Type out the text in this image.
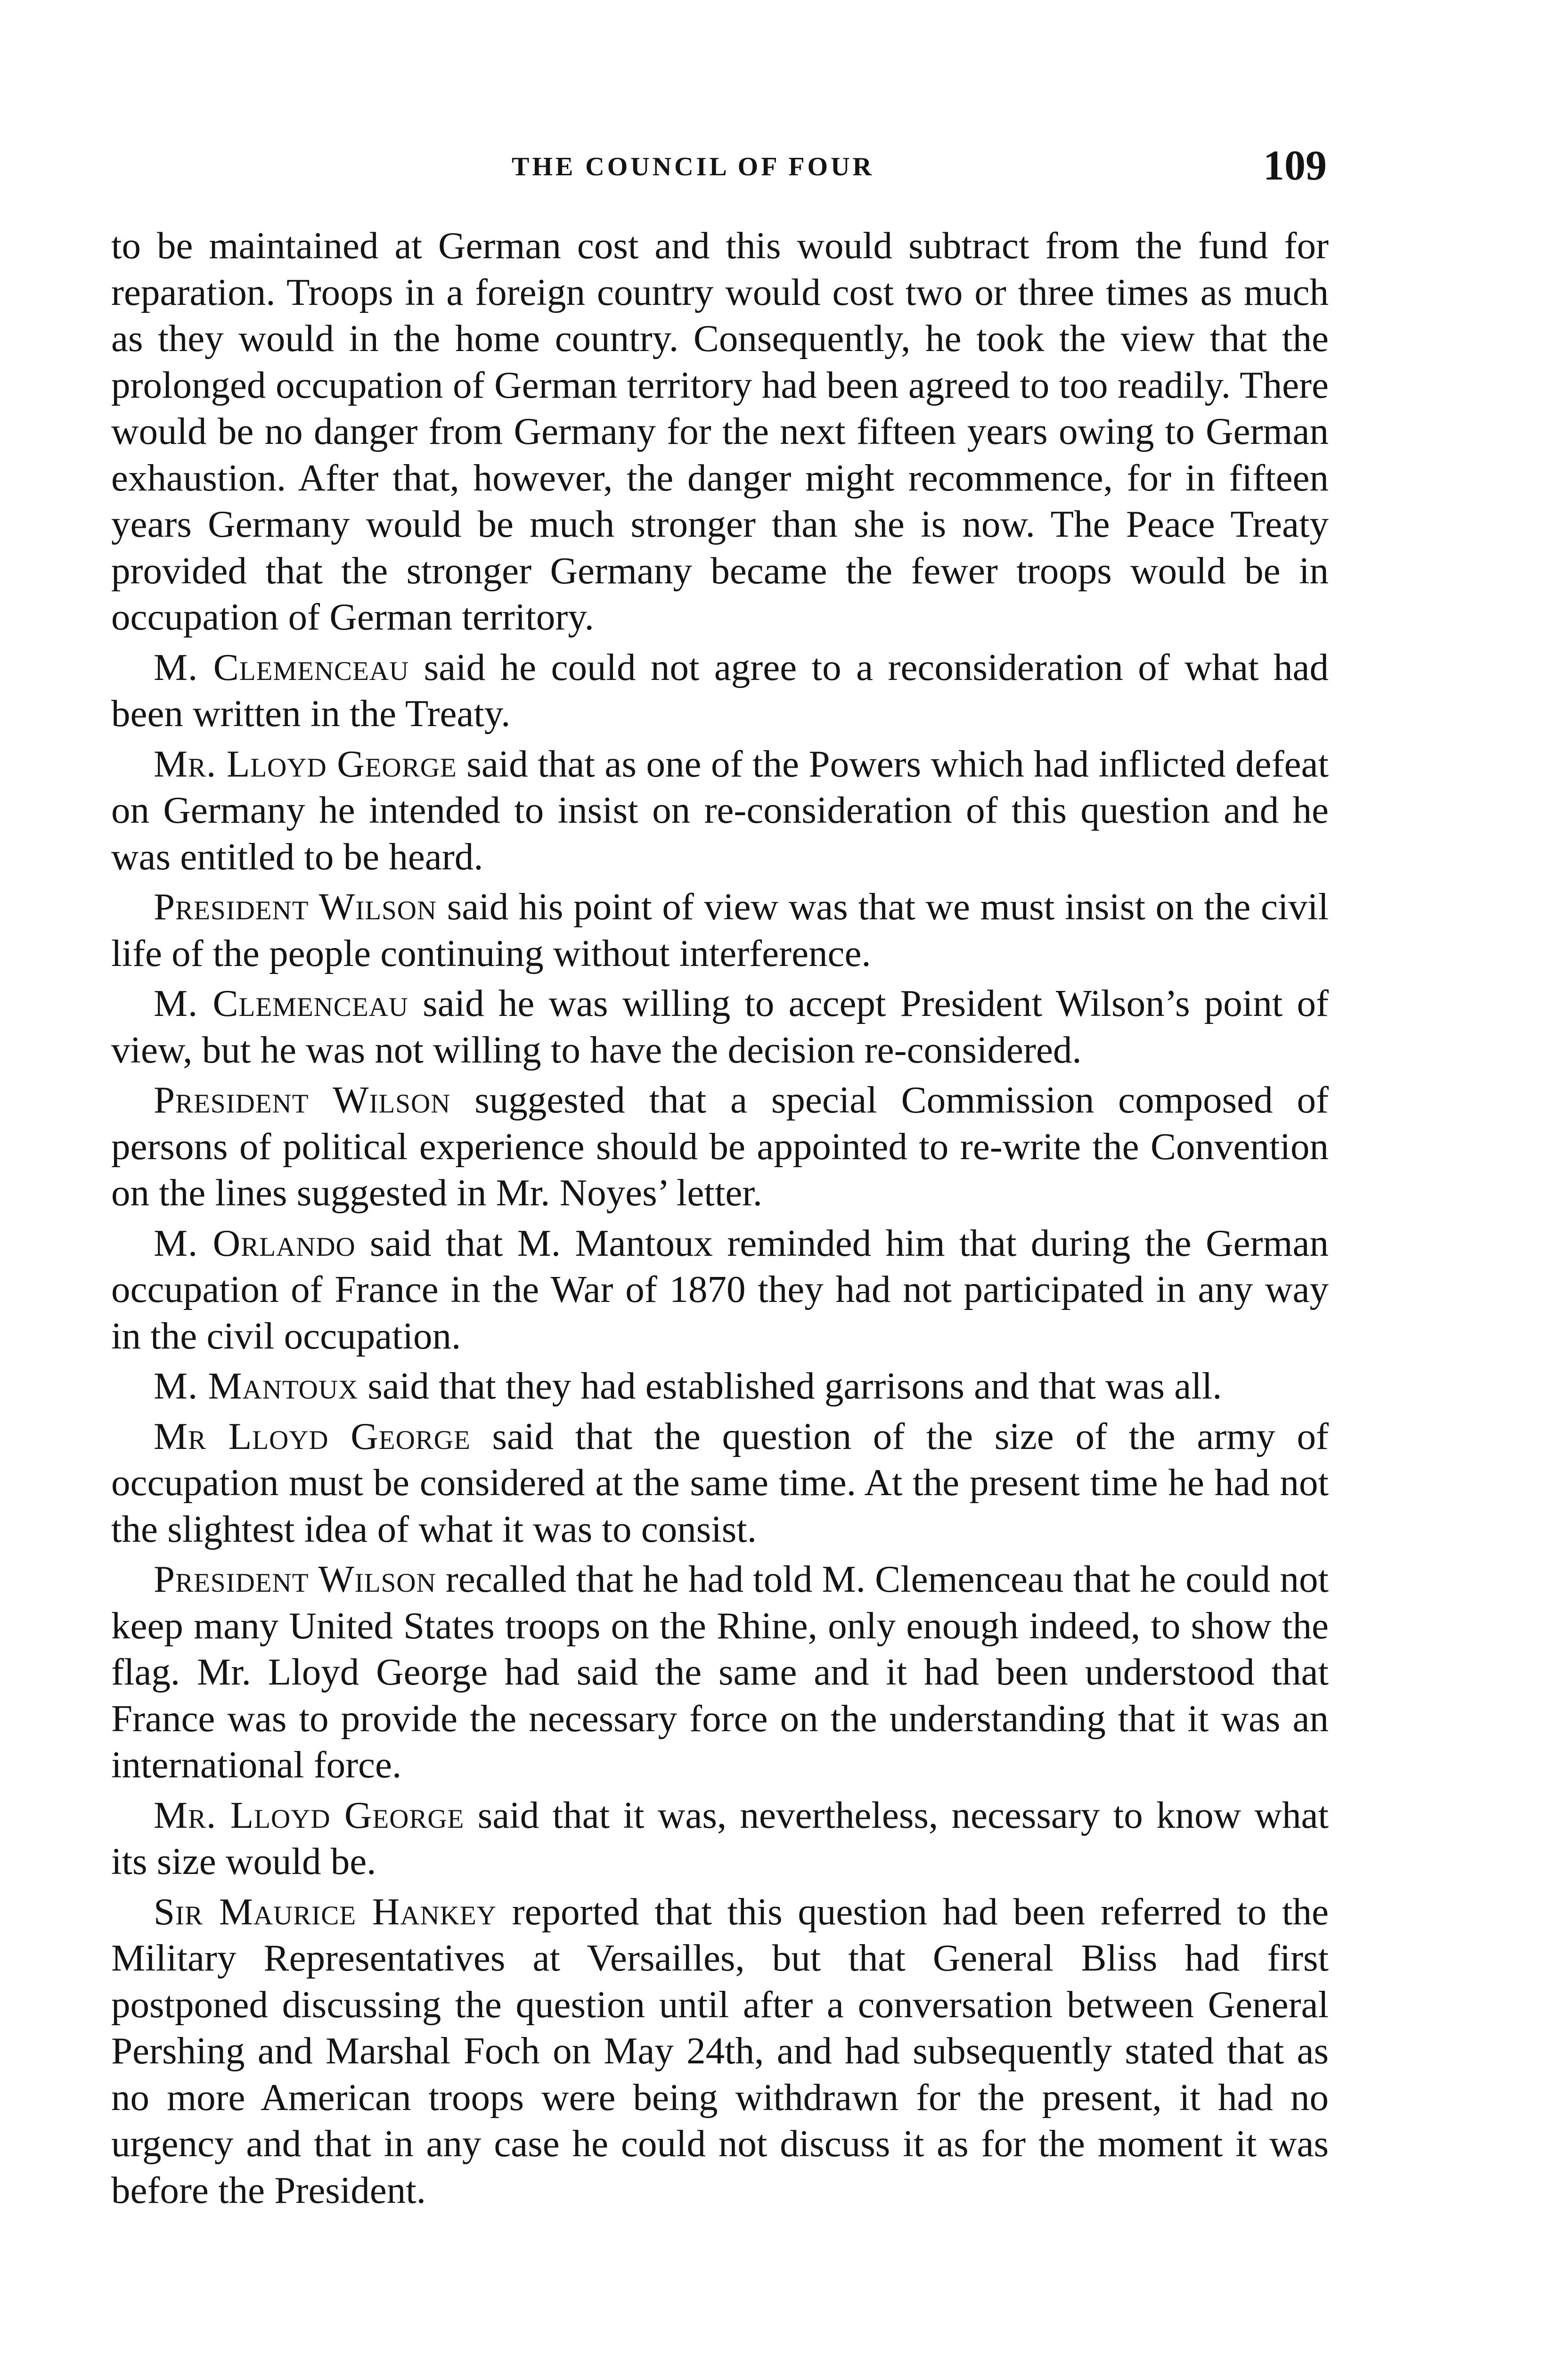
THE COUNCIL OF FOUR	109

to be maintained at German cost and this would subtract from the fund for reparation. Troops in a foreign country would cost two or three times as much as they would in the home country. Consequently, he took the view that the prolonged occupation of German territory had been agreed to too readily. There would be no danger from Germany for the next fifteen years owing to German exhaustion. After that, however, the danger might recommence, for in fifteen years Germany would be much stronger than she is now. The Peace Treaty provided that the stronger Germany became the fewer troops would be in occupation of German territory.

M. Clemenceau said he could not agree to a reconsideration of what had been written in the Treaty.

Mr. Lloyd George said that as one of the Powers which had inflicted defeat on Germany he intended to insist on re-consideration of this question and he was entitled to be heard.

President Wilson said his point of view was that we must insist on the civil life of the people continuing without interference.

M. Clemenceau said he was willing to accept President Wilson’s point of view, but he was not willing to have the decision re-considered.

President Wilson suggested that a special Commission composed of persons of political experience should be appointed to re-write the Convention on the lines suggested in Mr. Noyes’ letter.

M. Orlando said that M. Mantoux reminded him that during the German occupation of France in the War of 1870 they had not participated in any way in the civil occupation.

M. Mantoux said that they had established garrisons and that was all.

Mr Lloyd George said that the question of the size of the army of occupation must be considered at the same time. At the present time he had not the slightest idea of what it was to consist.

President Wilson recalled that he had told M. Clemenceau that he could not keep many United States troops on the Rhine, only enough indeed, to show the flag. Mr. Lloyd George had said the same and it had been understood that France was to provide the necessary force on the understanding that it was an international force.

Mr. Lloyd George said that it was, nevertheless, necessary to know what its size would be.

Sir Maurice Hankey reported that this question had been referred to the Military Representatives at Versailles, but that General Bliss had first postponed discussing the question until after a conversation between General Pershing and Marshal Foch on May 24th, and had subsequently stated that as no more American troops were being withdrawn for the present, it had no urgency and that in any case he could not discuss it as for the moment it was before the President.
